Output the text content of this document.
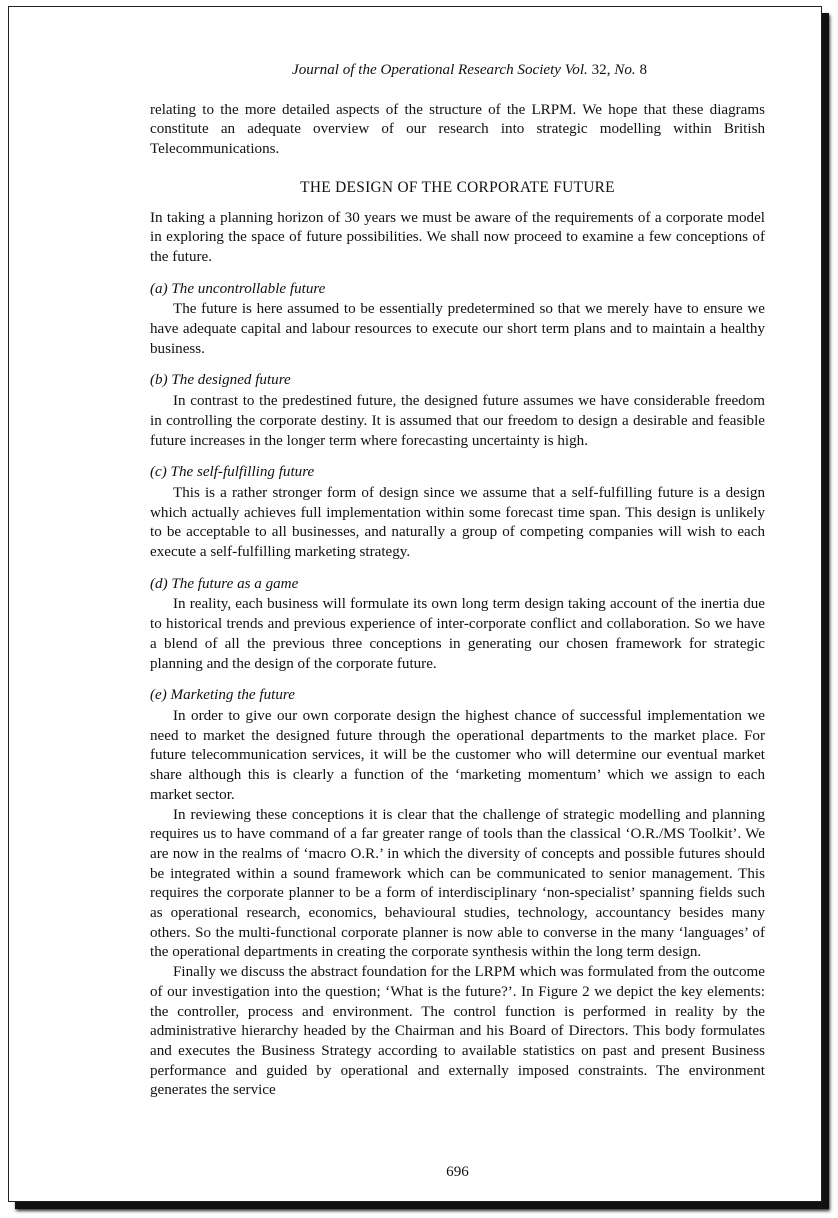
Journal of the Operational Research Society Vol. 32, No. 8

relating to the more detailed aspects of the structure of the LRPM. We hope that these diagrams constitute an adequate overview of our research into strategic modelling within British Telecommunications.

THE DESIGN OF THE CORPORATE FUTURE

In taking a planning horizon of 30 years we must be aware of the requirements of a corporate model in exploring the space of future possibilities. We shall now proceed to examine a few conceptions of the future.

(a) The uncontrollable future

The future is here assumed to be essentially predetermined so that we merely have to ensure we have adequate capital and labour resources to execute our short term plans and to maintain a healthy business.

(b) The designed future

In contrast to the predestined future, the designed future assumes we have considerable freedom in controlling the corporate destiny. It is assumed that our freedom to design a desirable and feasible future increases in the longer term where forecasting uncertainty is high.

(c) The self-fulfilling future

This is a rather stronger form of design since we assume that a self-fulfilling future is a design which actually achieves full implementation within some forecast time span. This design is unlikely to be acceptable to all businesses, and naturally a group of competing companies will wish to each execute a self-fulfilling marketing strategy.

(d) The future as a game

In reality, each business will formulate its own long term design taking account of the inertia due to historical trends and previous experience of inter-corporate conflict and collaboration. So we have a blend of all the previous three conceptions in generating our chosen framework for strategic planning and the design of the corporate future.

(e) Marketing the future

In order to give our own corporate design the highest chance of successful implementation we need to market the designed future through the operational departments to the market place. For future telecommunication services, it will be the customer who will determine our eventual market share although this is clearly a function of the ‘marketing momentum’ which we assign to each market sector.

In reviewing these conceptions it is clear that the challenge of strategic modelling and planning requires us to have command of a far greater range of tools than the classical ‘O.R./MS Toolkit’. We are now in the realms of ‘macro O.R.’ in which the diversity of concepts and possible futures should be integrated within a sound framework which can be communicated to senior management. This requires the corporate planner to be a form of interdisciplinary ‘non-specialist’ spanning fields such as operational research, economics, behavioural studies, technology, accountancy besides many others. So the multi-functional corporate planner is now able to converse in the many ‘languages’ of the operational departments in creating the corporate synthesis within the long term design.

Finally we discuss the abstract foundation for the LRPM which was formulated from the outcome of our investigation into the question; ‘What is the future?’. In Figure 2 we depict the key elements: the controller, process and environment. The control function is performed in reality by the administrative hierarchy headed by the Chairman and his Board of Directors. This body formulates and executes the Business Strategy according to available statistics on past and present Business performance and guided by operational and externally imposed constraints. The environment generates the service

696
